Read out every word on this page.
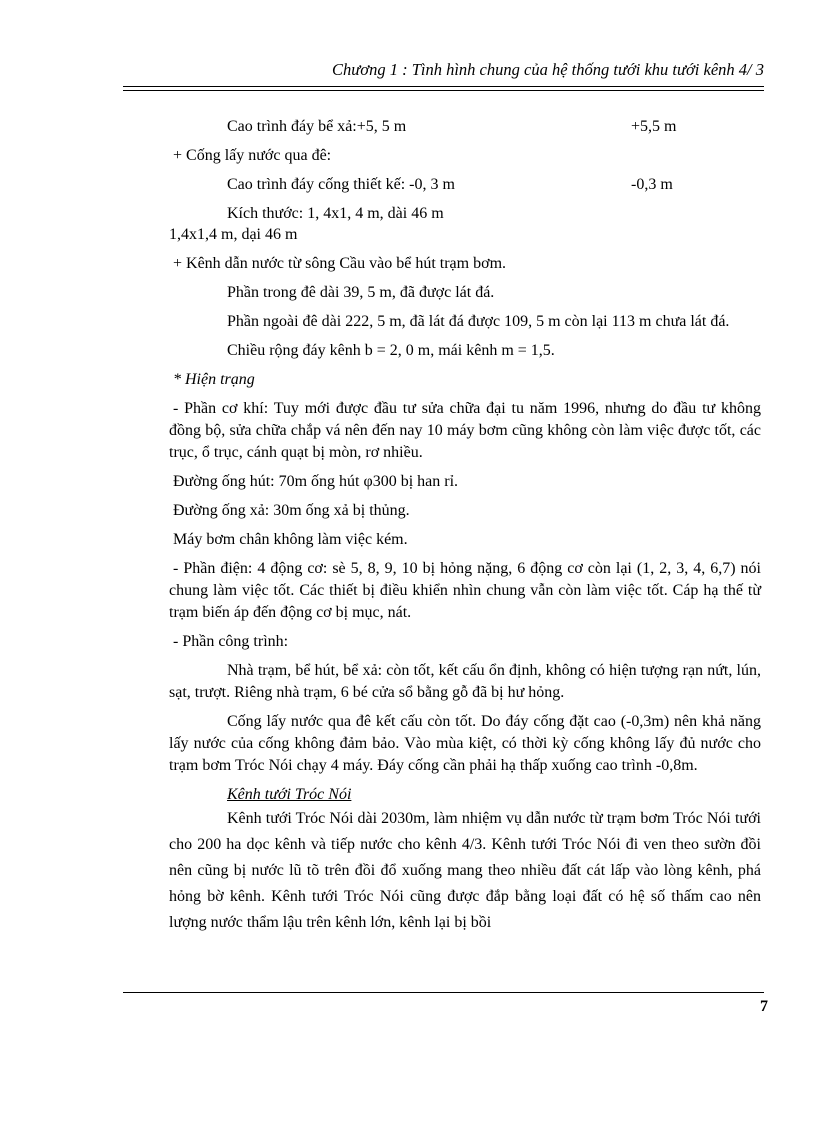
Chương 1 : Tình hình chung của hệ thống tưới khu tưới kênh 4/ 3
Cao trình đáy bể xả:+5, 5 m	+5,5 m

+ Cống lấy nước qua đê:

Cao trình đáy cống thiết kế: -0, 3 m	-0,3 m

Kích thước: 1, 4x1, 4 m, dài 46 m

1,4x1,4 m, dại 46 m

+ Kênh dẫn nước từ sông Cầu vào bể hút trạm bơm.

Phần trong đê dài 39, 5 m, đã được lát đá.

Phần ngoài đê dài 222, 5 m, đã lát đá được 109, 5 m còn lại 113 m chưa lát đá.

Chiều rộng đáy kênh b = 2, 0 m, mái kênh m = 1,5.

* Hiện trạng

- Phần cơ khí: Tuy mới được đầu tư sửa chữa đại tu năm 1996, nhưng do đầu tư không đồng bộ, sửa chữa chắp vá nên đến nay 10 máy bơm cũng không còn làm việc được tốt, các trục, ổ trục, cánh quạt bị mòn, rơ nhiều.

Đường ống hút: 70m ống hút φ300 bị han rỉ.

Đường ống xả: 30m ống xả bị thủng.

Máy bơm chân không làm việc kém.

- Phần điện: 4 động cơ: sè 5, 8, 9, 10 bị hỏng nặng, 6 động cơ còn lại (1, 2, 3, 4, 6,7) nói chung làm việc tốt. Các thiết bị điều khiển nhìn chung vẫn còn làm việc tốt. Cáp hạ thế từ trạm biến áp đến động cơ bị mục, nát.

- Phần công trình:

Nhà trạm, bể hút, bể xả: còn tốt, kết cấu ổn định, không có hiện tượng rạn nứt, lún, sạt, trượt. Riêng nhà trạm, 6 bé cửa sổ bằng gỗ đã bị hư hỏng.

Cống lấy nước qua đê kết cấu còn tốt. Do đáy cống đặt cao (-0,3m) nên khả năng lấy nước của cống không đảm bảo. Vào mùa kiệt, có thời kỳ cống không lấy đủ nước cho trạm bơm Tróc Nói chạy 4 máy. Đáy cống cần phải hạ thấp xuống cao trình -0,8m.

Kênh tưới Tróc Nói

Kênh tưới Tróc Nói dài 2030m, làm nhiệm vụ dẫn nước từ trạm bơm Tróc Nói tưới cho 200 ha dọc kênh và tiếp nước cho kênh 4/3. Kênh tưới Tróc Nói đi ven theo sườn đồi nên cũng bị nước lũ tõ trên đồi đổ xuống mang theo nhiều đất cát lấp vào lòng kênh, phá hỏng bờ kênh. Kênh tưới Tróc Nói cũng được đắp bằng loại đất có hệ số thấm cao nên lượng nước thẩm lậu trên kênh lớn, kênh lại bị bồi

7
